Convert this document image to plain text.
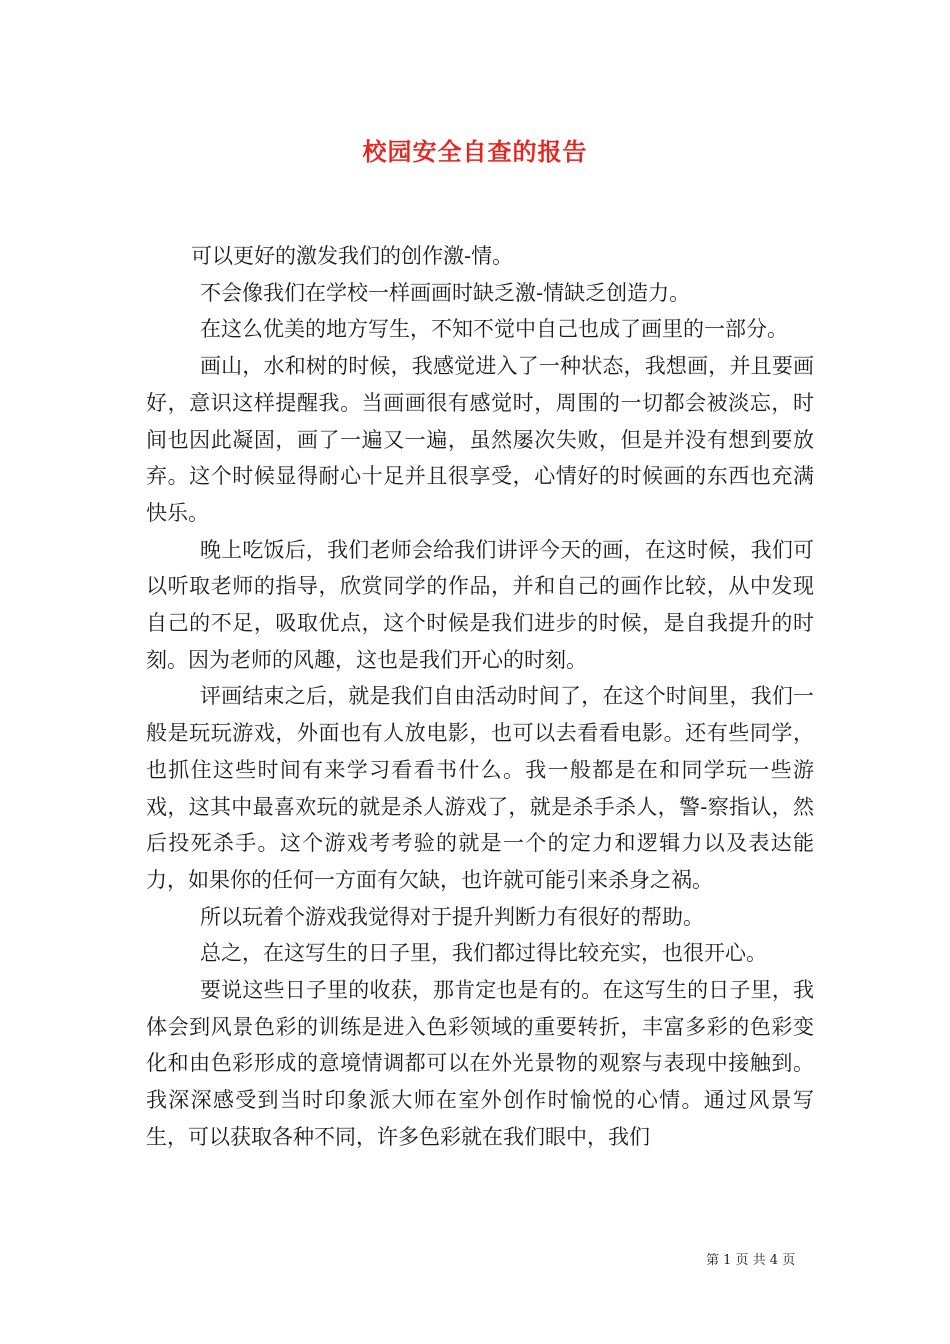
校园安全自查的报告

可以更好的激发我们的创作激-情。

不会像我们在学校一样画画时缺乏激-情缺乏创造力。

在这么优美的地方写生，不知不觉中自己也成了画里的一部分。

画山，水和树的时候，我感觉进入了一种状态，我想画，并且要画好，意识这样提醒我。当画画很有感觉时，周围的一切都会被淡忘，时间也因此凝固，画了一遍又一遍，虽然屡次失败，但是并没有想到要放弃。这个时候显得耐心十足并且很享受，心情好的时候画的东西也充满快乐。

晚上吃饭后，我们老师会给我们讲评今天的画，在这时候，我们可以听取老师的指导，欣赏同学的作品，并和自己的画作比较，从中发现自己的不足，吸取优点，这个时候是我们进步的时候，是自我提升的时刻。因为老师的风趣，这也是我们开心的时刻。

评画结束之后，就是我们自由活动时间了，在这个时间里，我们一般是玩玩游戏，外面也有人放电影，也可以去看看电影。还有些同学，也抓住这些时间有来学习看看书什么。我一般都是在和同学玩一些游戏，这其中最喜欢玩的就是杀人游戏了，就是杀手杀人，警-察指认，然后投死杀手。这个游戏考考验的就是一个的定力和逻辑力以及表达能力，如果你的任何一方面有欠缺，也许就可能引来杀身之祸。

所以玩着个游戏我觉得对于提升判断力有很好的帮助。

总之，在这写生的日子里，我们都过得比较充实，也很开心。

要说这些日子里的收获，那肯定也是有的。在这写生的日子里，我体会到风景色彩的训练是进入色彩领域的重要转折，丰富多彩的色彩变化和由色彩形成的意境情调都可以在外光景物的观察与表现中接触到。我深深感受到当时印象派大师在室外创作时愉悦的心情。通过风景写生，可以获取各种不同，许多色彩就在我们眼中，我们

第 1 页 共 4 页
